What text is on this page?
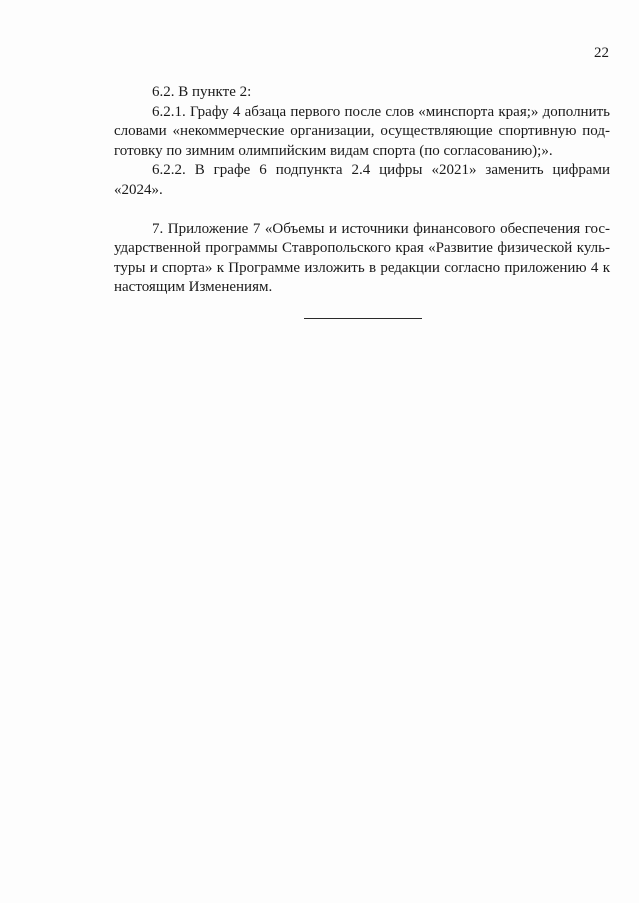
22
6.2. В пункте 2:
6.2.1. Графу 4 абзаца первого после слов «минспорта края;» дополнить
словами «некоммерческие организации, осуществляющие спортивную под-
готовку по зимним олимпийским видам спорта (по согласованию);».
6.2.2. В графе 6 подпункта 2.4 цифры «2021» заменить цифрами
«2024».
7. Приложение 7 «Объемы и источники финансового обеспечения гос-
ударственной программы Ставропольского края «Развитие физической куль-
туры и спорта» к Программе изложить в редакции согласно приложению 4 к
настоящим Изменениям.
